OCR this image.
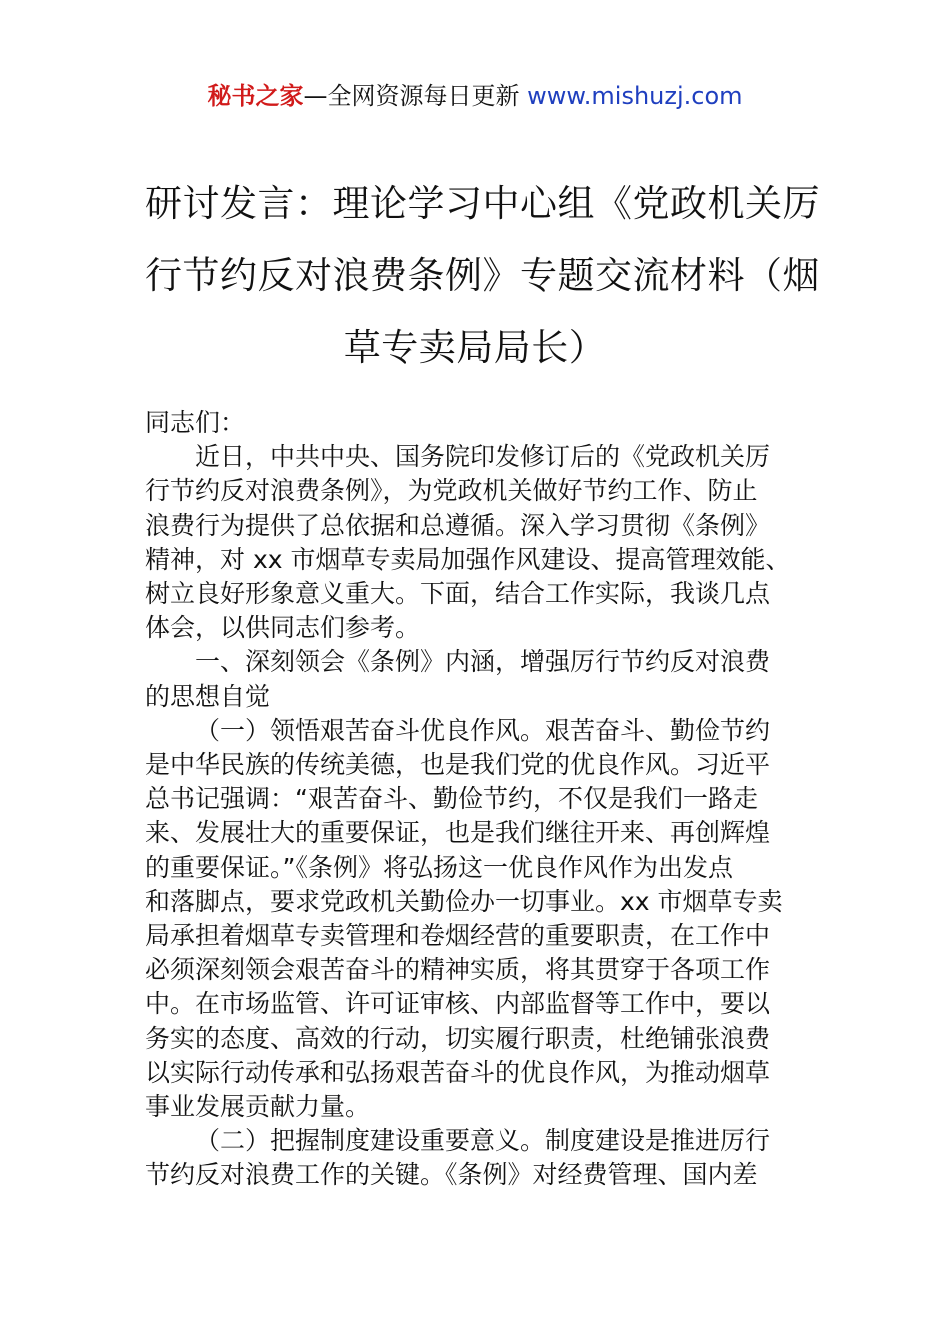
秘书之家—全网资源每日更新 www.mishuzj.com
研讨发言：理论学习中心组《党政机关厉
行节约反对浪费条例》专题交流材料（烟
草专卖局局长）
同志们：
近日，中共中央、国务院印发修订后的《党政机关厉
行节约反对浪费条例》，为党政机关做好节约工作、防止
浪费行为提供了总依据和总遵循。深入学习贯彻《条例》
精神，对 xx 市烟草专卖局加强作风建设、提高管理效能、
树立良好形象意义重大。下面，结合工作实际，我谈几点
体会，以供同志们参考。
一、深刻领会《条例》内涵，增强厉行节约反对浪费
的思想自觉
（一）领悟艰苦奋斗优良作风。艰苦奋斗、勤俭节约
是中华民族的传统美德，也是我们党的优良作风。习近平
总书记强调：“艰苦奋斗、勤俭节约，不仅是我们一路走
来、发展壮大的重要保证，也是我们继往开来、再创辉煌
的重要保证。”《条例》将弘扬这一优良作风作为出发点
和落脚点，要求党政机关勤俭办一切事业。xx 市烟草专卖
局承担着烟草专卖管理和卷烟经营的重要职责，在工作中
必须深刻领会艰苦奋斗的精神实质，将其贯穿于各项工作
中。在市场监管、许可证审核、内部监督等工作中，要以
务实的态度、高效的行动，切实履行职责，杜绝铺张浪费
以实际行动传承和弘扬艰苦奋斗的优良作风，为推动烟草
事业发展贡献力量。
（二）把握制度建设重要意义。制度建设是推进厉行
节约反对浪费工作的关键。《条例》对经费管理、国内差
